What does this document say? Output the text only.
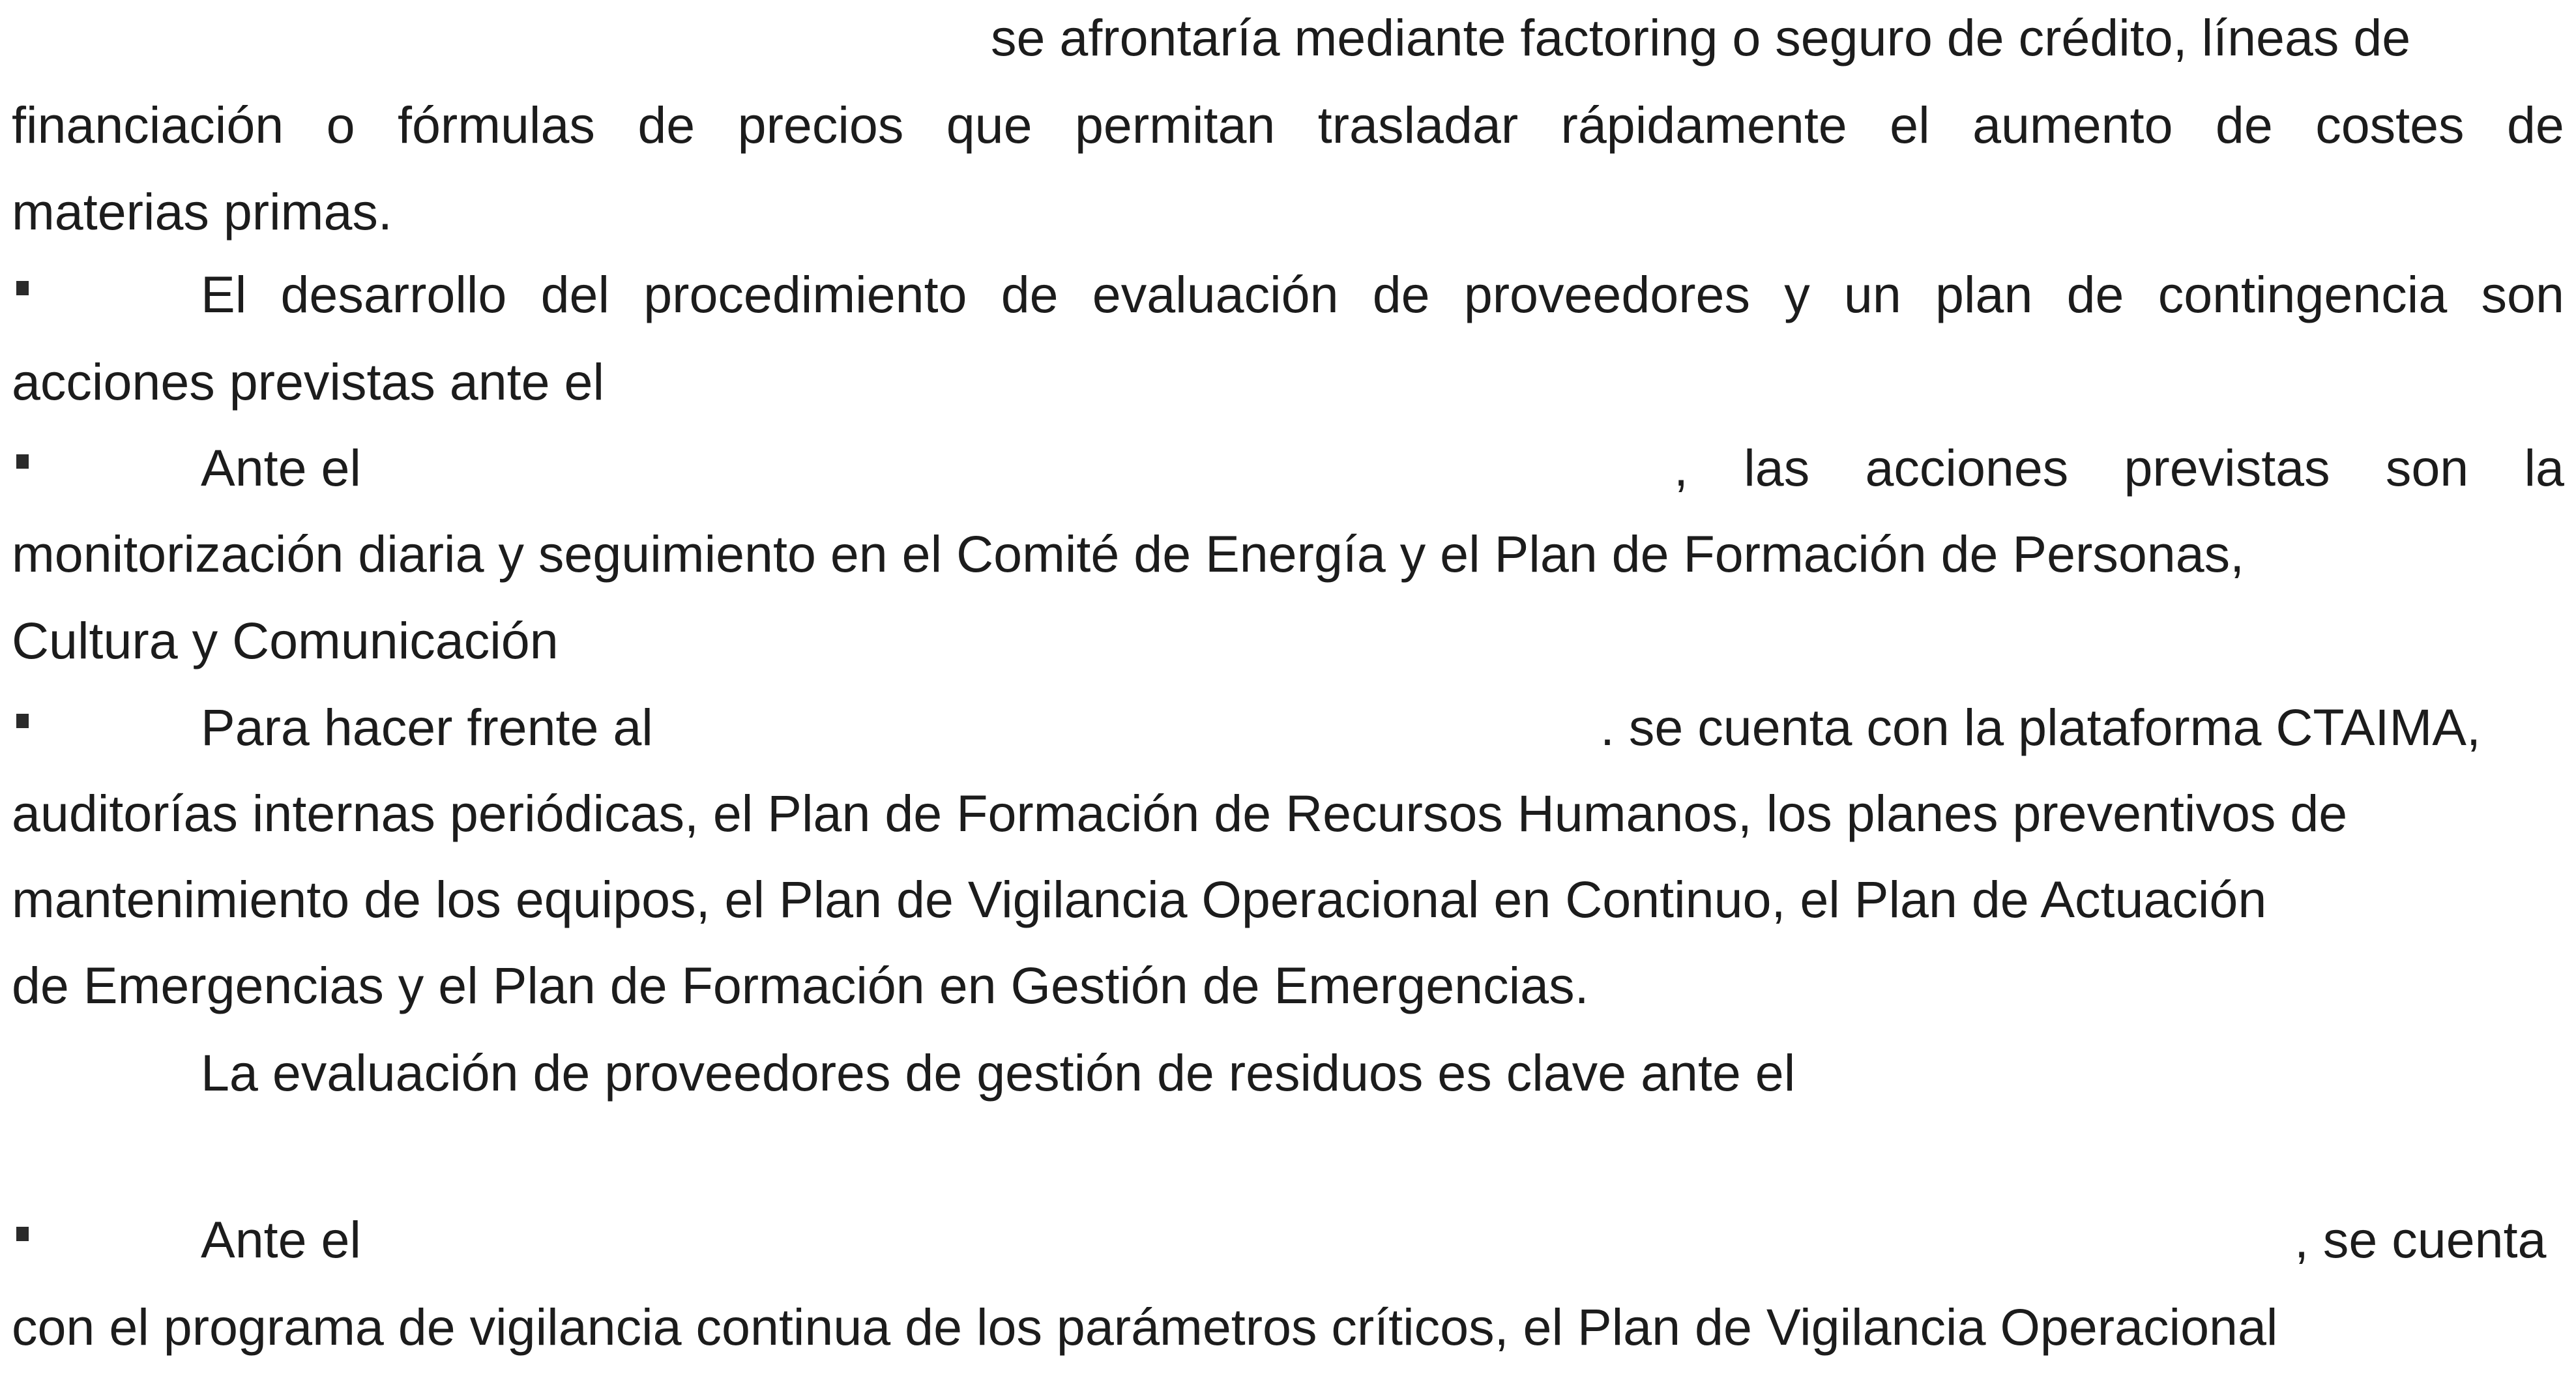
se afrontaría mediante factoring o seguro de crédito, líneas de
financiación o fórmulas de precios que permitan trasladar rápidamente el aumento de costes de
materias primas.
El desarrollo del procedimiento de evaluación de proveedores y un plan de contingencia son
acciones previstas ante el
Ante el	, las acciones previstas son la
monitorización diaria y seguimiento en el Comité de Energía y el Plan de Formación de Personas,
Cultura y Comunicación
Para hacer frente al	. se cuenta con la plataforma CTAIMA,
auditorías internas periódicas, el Plan de Formación de Recursos Humanos, los planes preventivos de
mantenimiento de los equipos, el Plan de Vigilancia Operacional en Continuo, el Plan de Actuación
de Emergencias y el Plan de Formación en Gestión de Emergencias.
La evaluación de proveedores de gestión de residuos es clave ante el
Ante el	, se cuenta
con el programa de vigilancia continua de los parámetros críticos, el Plan de Vigilancia Operacional
